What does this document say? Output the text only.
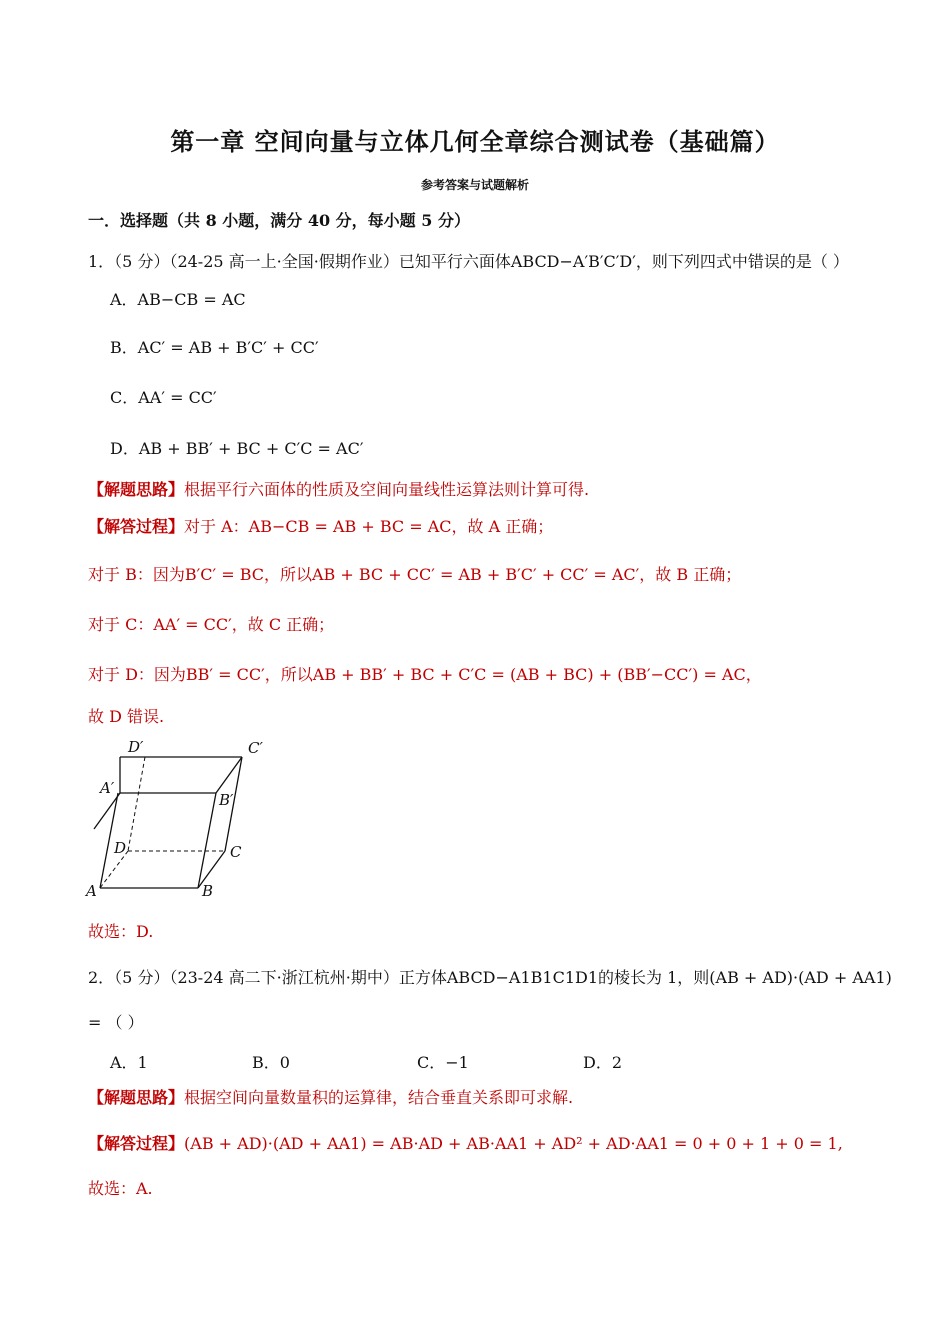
第一章 空间向量与立体几何全章综合测试卷（基础篇）
参考答案与试题解析
一．选择题（共 8 小题，满分 40 分，每小题 5 分）
1．（5 分）（24-25 高一上·全国·假期作业）已知平行六面体ABCD−A′B′C′D′，则下列四式中错误的是（ ）
A．AB−CB = AC
B．AC′ = AB + B′C′ + CC′
C．AA′ = CC′
D．AB + BB′ + BC + C′C = AC′
【解题思路】根据平行六面体的性质及空间向量线性运算法则计算可得.
【解答过程】对于 A：AB−CB = AB + BC = AC，故 A 正确；
对于 B：因为B′C′ = BC，所以AB + BC + CC′ = AB + B′C′ + CC′ = AC′，故 B 正确；
对于 C：AA′ = CC′，故 C 正确；
对于 D：因为BB′ = CC′，所以AB + BB′ + BC + C′C = (AB + BC) + (BB′−CC′) = AC，
故 D 错误.
D′	C′
A′
B′
D	C
A	B
故选：D.
2．（5 分）（23-24 高二下·浙江杭州·期中）正方体ABCD−A1B1C1D1的棱长为 1，则(AB + AD)·(AD + AA1)
= （ ）
A．1	B．0	C．−1	D．2
【解题思路】根据空间向量数量积的运算律，结合垂直关系即可求解.
【解答过程】(AB + AD)·(AD + AA1) = AB·AD + AB·AA1 + AD² + AD·AA1 = 0 + 0 + 1 + 0 = 1,
故选：A.
